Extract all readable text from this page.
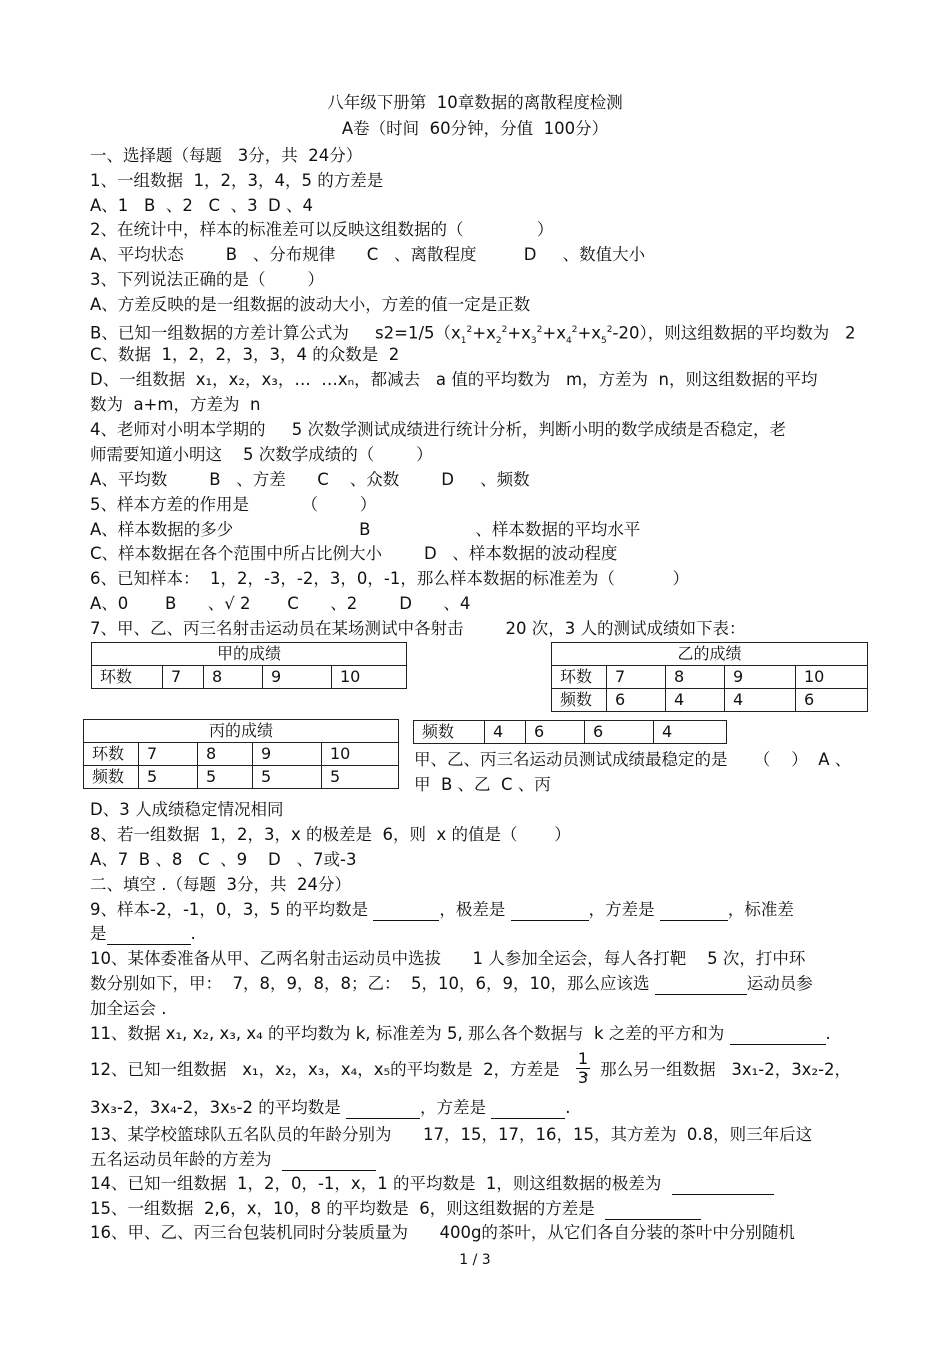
八年级下册第  10章数据的离散程度检测
A卷（时间  60分钟，分值  100分）
一、选择题（每题   3分，共  24分）
1、一组数据  1，2，3，4，5 的方差是
A、1   B  、2   C  、3  D 、4
2、在统计中，样本的标准差可以反映这组数据的（              ）
A、平均状态        B   、分布规律      C   、离散程度         D     、数值大小
3、下列说法正确的是（        ）
A、方差反映的是一组数据的波动大小，方差的值一定是正数
B、已知一组数据的方差计算公式为     $s2=1/5(x_1^2+x_2^2+x_3^2+x_4^2+x_5^2-20)$，则这组数据的平均数为   2
C、数据  1，2，2，3，3，4 的众数是  2
D、一组数据  x₁，x₂，x₃，…  …xₙ，都减去   a 值的平均数为   m，方差为  n，则这组数据的平均
数为  a+m，方差为  n
4、老师对小明本学期的     5 次数学测试成绩进行统计分析，判断小明的数学成绩是否稳定，老
师需要知道小明这    5 次数学成绩的（        ）
A、平均数        B   、方差      C    、众数        D     、频数
5、样本方差的作用是          （        ）
A、样本数据的多少                        B                    、样本数据的平均水平
C、样本数据在各个范围中所占比例大小        D   、样本数据的波动程度
6、已知样本：  1，2，-3，-2，3，0，-1，那么样本数据的标准差为（           ）
A、0       B      、√ 2       C      、2        D      、4
7、甲、乙、丙三名射击运动员在某场测试中各射击        20 次，3 人的测试成绩如下表：
甲的成绩
环数	7	8	9	10
乙的成绩				
环数	7	8	9	10
频数	6	4	4	6
丙的成绩				
环数	7	8	9	10
频数	5	5	5	5
频数	4	6	6	4
甲、乙、丙三名运动员测试成绩最稳定的是     （    ）  A 、
甲  B 、乙  C 、丙
D、3 人成绩稳定情况相同
8、若一组数据  1，2，3，x 的极差是  6，则  x 的值是（       ）
A、7  B 、8   C  、9    D   、7或-3
二、填空 .（每题  3分，共  24分）
9、样本-2，-1，0，3，5 的平均数是	，极差是	，方差是	，标准差
是	.
10、某体委准备从甲、乙两名射击运动员中选拔      1 人参加全运会，每人各打靶    5 次，打中环
数分别如下，甲：  7，8，9，8，8；乙：  5，10，6，9，10，那么应该选	运动员参
加全运会 .
11、数据 x₁, x₂, x₃, x₄ 的平均数为 k, 标准差为 5, 那么各个数据与  k 之差的平方和为	.
12、已知一组数据   x₁，x₂，x₃，x₄，x₅的平均数是  2，方差是 ，那么另一组数据   3x₁-2，3x₂-2，
1
3
3x₃-2，3x₄-2，3x₅-2 的平均数是	，方差是	.
13、某学校篮球队五名队员的年龄分别为      17，15，17，16，15，其方差为  0.8，则三年后这
五名运动员年龄的方差为
14、已知一组数据  1，2，0，-1，x，1 的平均数是  1，则这组数据的极差为
15、一组数据  2,6，x，10，8 的平均数是  6，则这组数据的方差是
16、甲、乙、丙三台包装机同时分装质量为      400g的茶叶，从它们各自分装的茶叶中分别随机
1 / 3
